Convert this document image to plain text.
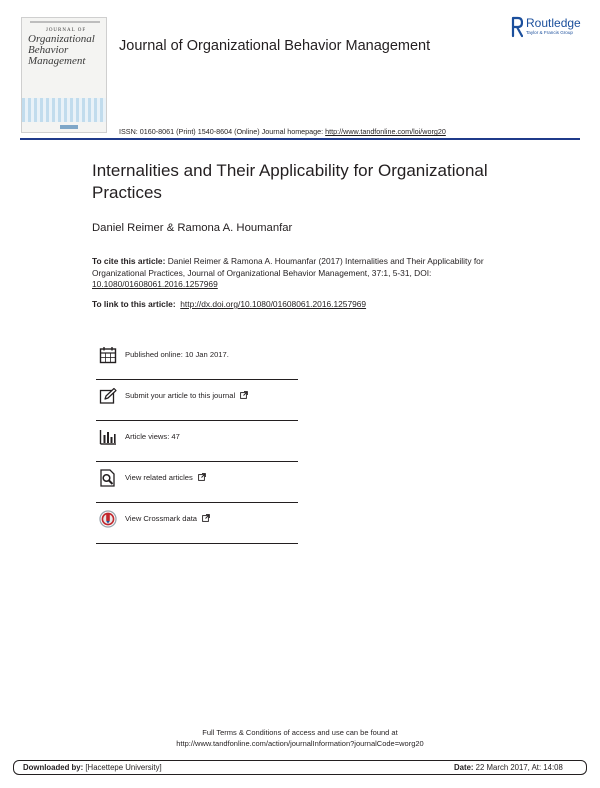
JOURNAL OF
Organizational
Behavior
Management
Journal of Organizational Behavior Management
Routledge
Taylor & Francis Group
ISSN: 0160-8061 (Print) 1540-8604 (Online) Journal homepage: http://www.tandfonline.com/loi/worg20
Internalities and Their Applicability for Organizational Practices
Daniel Reimer & Ramona A. Houmanfar
To cite this article: Daniel Reimer & Ramona A. Houmanfar (2017) Internalities and Their Applicability for Organizational Practices, Journal of Organizational Behavior Management, 37:1, 5-31, DOI: 10.1080/01608061.2016.1257969
To link to this article: http://dx.doi.org/10.1080/01608061.2016.1257969
Published online: 10 Jan 2017.
Submit your article to this journal
Article views: 47
View related articles
View Crossmark data
Full Terms & Conditions of access and use can be found at
http://www.tandfonline.com/action/journalInformation?journalCode=worg20
Downloaded by: [Hacettepe University]	Date: 22 March 2017, At: 14:08
